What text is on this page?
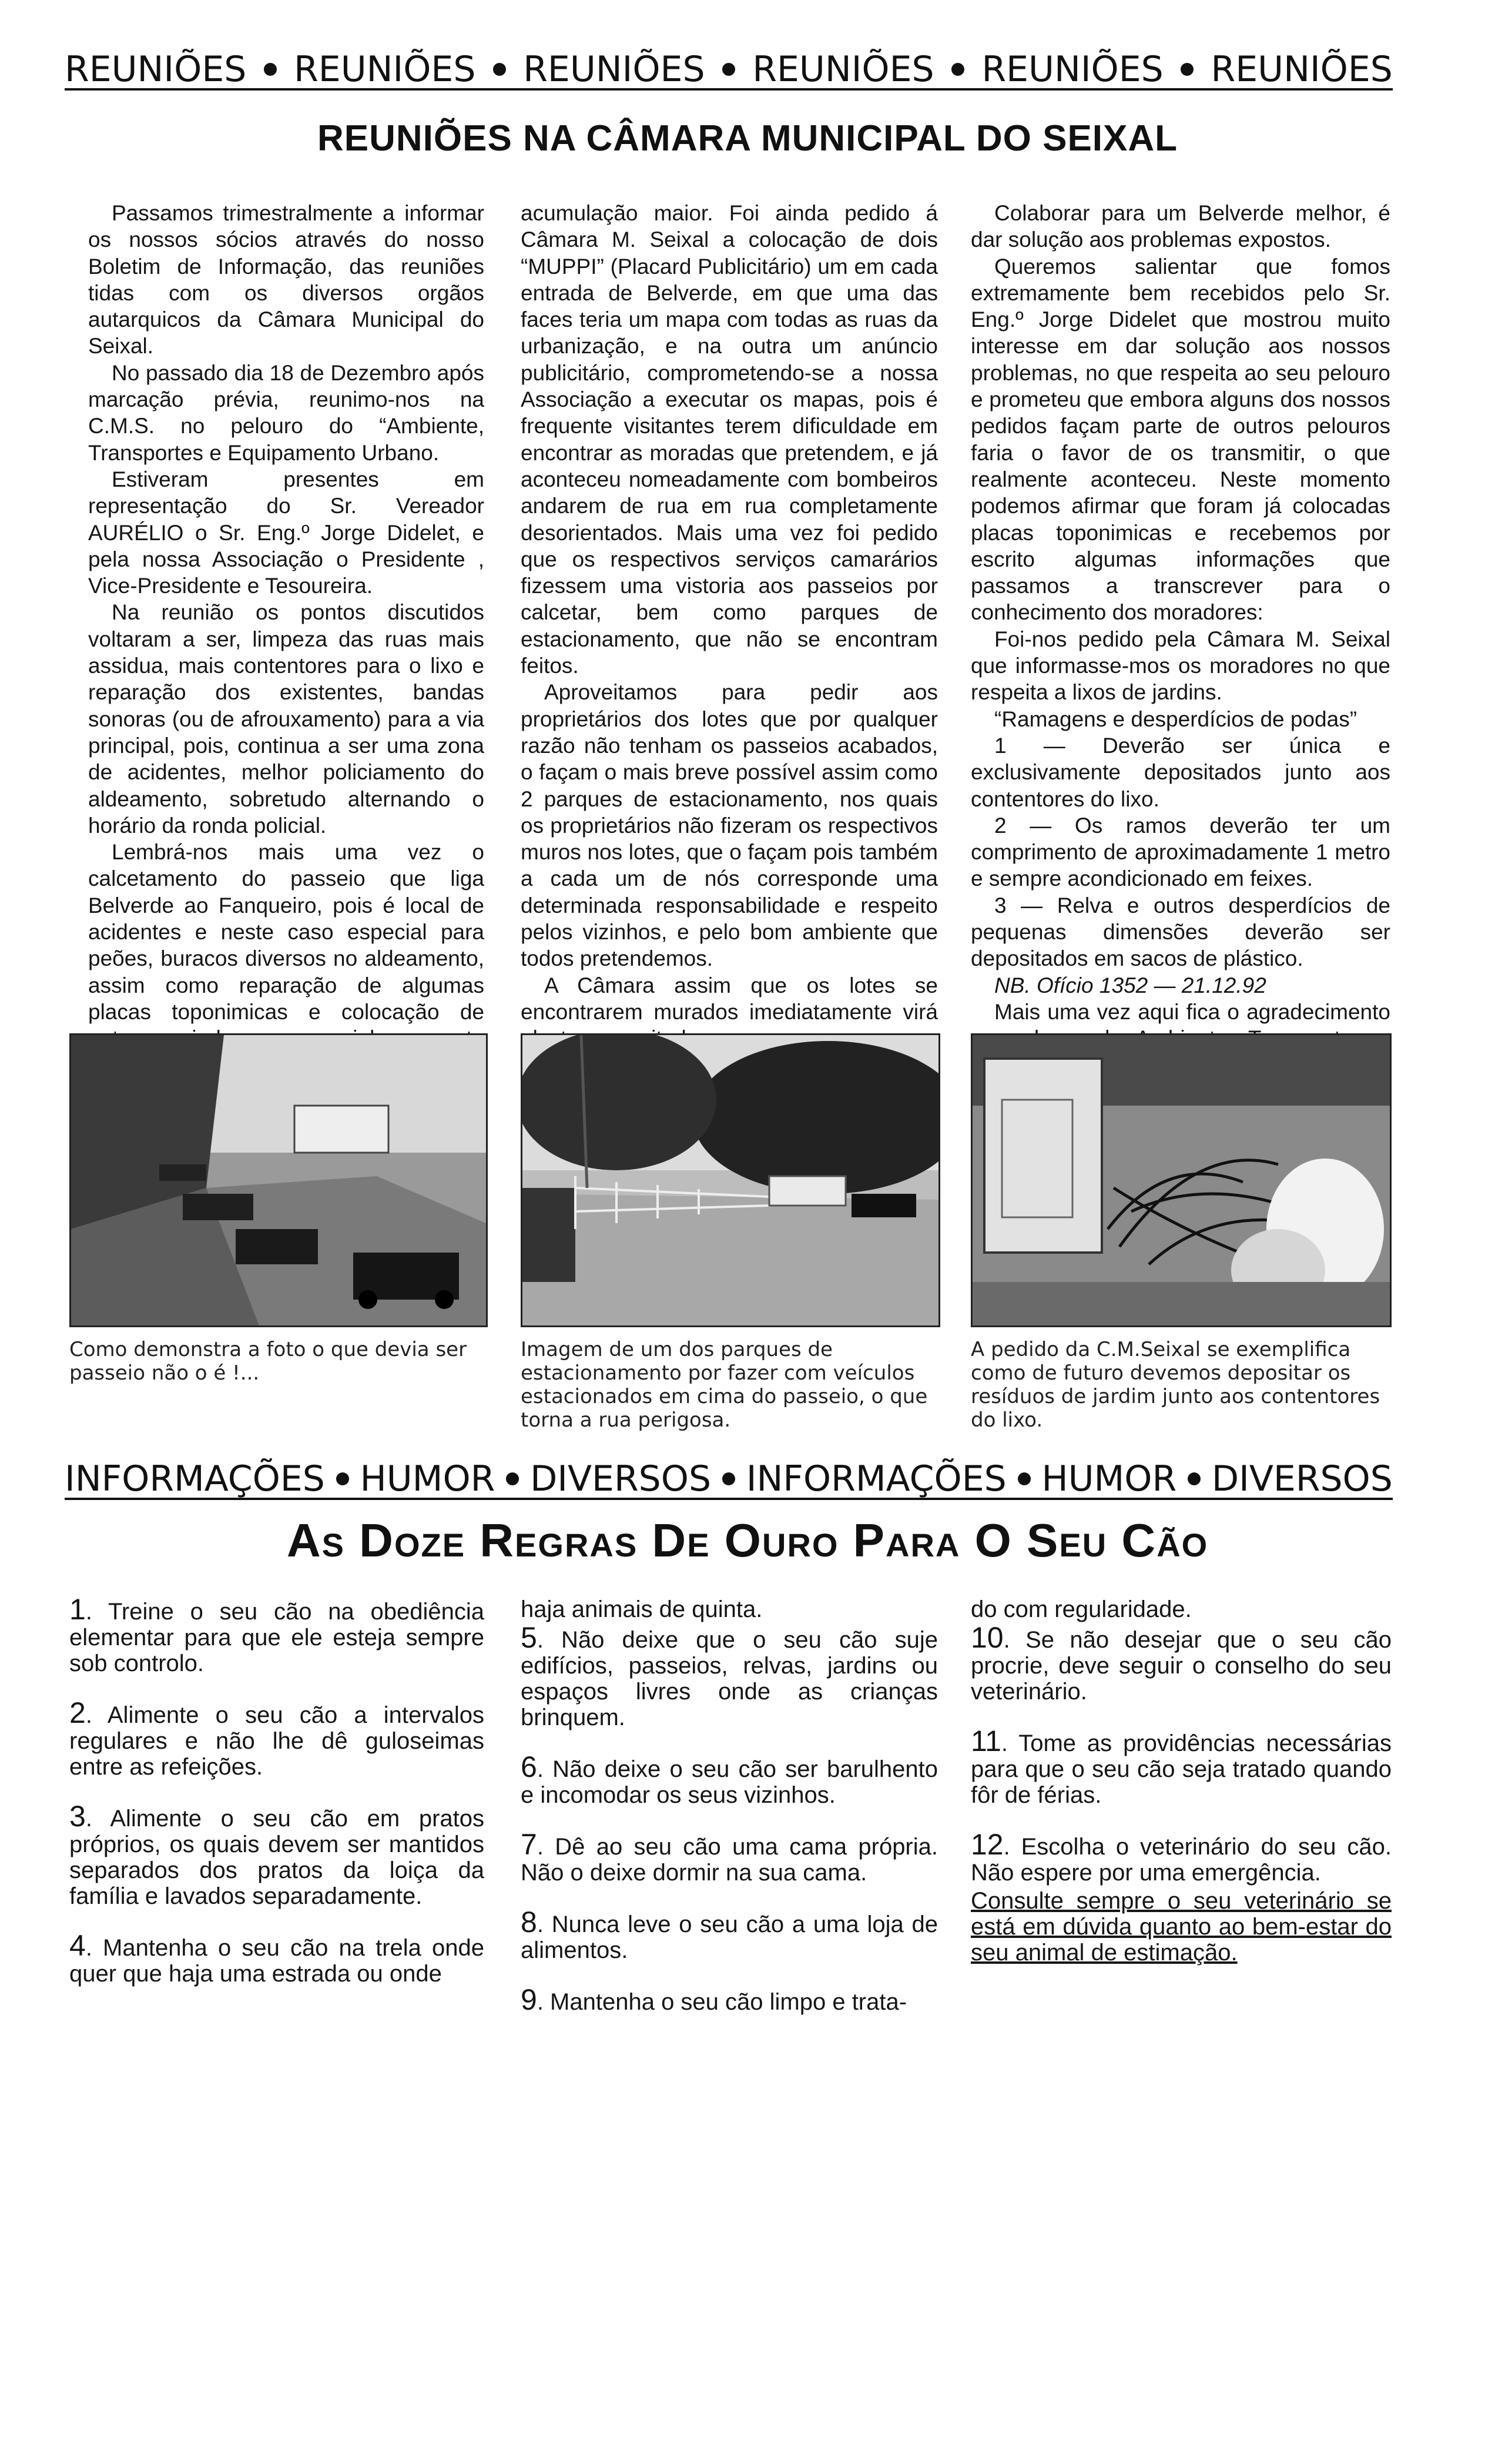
REUNIÕES REUNIÕES REUNIÕES REUNIÕES REUNIÕES REUNIÕES
REUNIÕES NA CÂMARA MUNICIPAL DO SEIXAL

Passamos trimestralmente a informar os nossos sócios através do nosso Boletim de Informação, das reuniões tidas com os diversos orgãos autarquicos da Câmara Municipal do Seixal.

No passado dia 18 de Dezembro após marcação prévia, reunimo-nos na C.M.S. no pelouro do “Ambiente, Transportes e Equipamento Urbano.

Estiveram presentes em representação do Sr. Vereador AURÉLIO o Sr. Eng.º Jorge Didelet, e pela nossa Associação o Presidente , Vice-Presidente e Tesoureira.

Na reunião os pontos discutidos voltaram a ser, limpeza das ruas mais assidua, mais contentores para o lixo e reparação dos existentes, bandas sonoras (ou de afrouxamento) para a via principal, pois, continua a ser uma zona de acidentes, melhor policiamento do aldeamento, sobretudo alternando o horário da ronda policial.

Lembrá-nos mais uma vez o calcetamento do passeio que liga Belverde ao Fanqueiro, pois é local de acidentes e neste caso especial para peões, buracos diversos no aldeamento, assim como reparação de algumas placas toponimicas e colocação de

acumulação maior. Foi ainda pedido á Câmara M. Seixal a colocação de dois “MUPPI” (Placard Publicitário) um em cada entrada de Belverde, em que uma das faces teria um mapa com todas as ruas da urbanização, e na outra um anúncio publicitário, comprometendo-se a nossa Associação a executar os mapas, pois é frequente visitantes terem dificuldade em encontrar as moradas que pretendem, e já aconteceu nomeadamente com bombeiros andarem de rua em rua completamente desorientados. Mais uma vez foi pedido que os respectivos serviços camarários fizessem uma vistoria aos passeios por calcetar, bem como parques de estacionamento, que não se encontram feitos.

Aproveitamos para pedir aos proprietários dos lotes que por qualquer razão não tenham os passeios acabados, o façam o mais breve possível assim como 2 parques de estacionamento, nos quais os proprietários não fizeram os respectivos muros nos lotes, que o façam pois também a cada um de nós corresponde uma determinada responsabilidade e respeito pelos vizinhos, e pelo bom ambiente que todos pretendemos.

A Câmara assim que os lotes se encontrarem murados imediatamente virá

Colaborar para um Belverde melhor, é dar solução aos problemas expostos.

Queremos salientar que fomos extremamente bem recebidos pelo Sr. Eng.º Jorge Didelet que mostrou muito interesse em dar solução aos nossos problemas, no que respeita ao seu pelouro e prometeu que embora alguns dos nossos pedidos façam parte de outros pelouros faria o favor de os transmitir, o que realmente aconteceu. Neste momento podemos afirmar que foram já colocadas placas toponimicas e recebemos por escrito algumas informações que passamos a transcrever para o conhecimento dos moradores:

Foi-nos pedido pela Câmara M. Seixal que informasse-mos os moradores no que respeita a lixos de jardins.

“Ramagens e desperdícios de podas”

1 — Deverão ser única e exclusivamente depositados junto aos contentores do lixo.

2 — Os ramos deverão ter um comprimento de aproximadamente 1 metro e sempre acondicionado em feixes.

3 — Relva e outros desperdícios de pequenas dimensões deverão ser depositados em sacos de plástico.

NB. Ofício 1352 — 21.12.92

Mais uma vez aqui fica o agradecimento

Como demonstra a foto o que devia ser passeio não o é !...
Imagem de um dos parques de estacionamento por fazer com veículos estacionados em cima do passeio, o que torna a rua perigosa.
A pedido da C.M.Seixal se exemplifica como de futuro devemos depositar os resíduos de jardim junto aos contentores do lixo.
INFORMAÇÕES HUMOR DIVERSOS INFORMAÇÕES HUMOR DIVERSOS
As Doze Regras De Ouro Para O Seu Cão

1. Treine o seu cão na obediência elementar para que ele esteja sempre sob controlo.

2. Alimente o seu cão a intervalos regulares e não lhe dê guloseimas entre as refeições.

3. Alimente o seu cão em pratos próprios, os quais devem ser mantidos separados dos pratos da loiça da família e lavados separadamente.

4. Mantenha o seu cão na trela onde quer que haja uma estrada ou onde

haja animais de quinta.

5. Não deixe que o seu cão suje edifícios, passeios, relvas, jardins ou espaços livres onde as crianças brinquem.

6. Não deixe o seu cão ser barulhento e incomodar os seus vizinhos.

7. Dê ao seu cão uma cama própria. Não o deixe dormir na sua cama.

8. Nunca leve o seu cão a uma loja de alimentos.

9. Mantenha o seu cão limpo e trata-

do com regularidade.

10. Se não desejar que o seu cão procrie, deve seguir o conselho do seu veterinário.

11. Tome as providências necessárias para que o seu cão seja tratado quando fôr de férias.

12. Escolha o veterinário do seu cão. Não espere por uma emergência.

Consulte sempre o seu veterinário se está em dúvida quanto ao bem-estar do seu animal de estimação.
